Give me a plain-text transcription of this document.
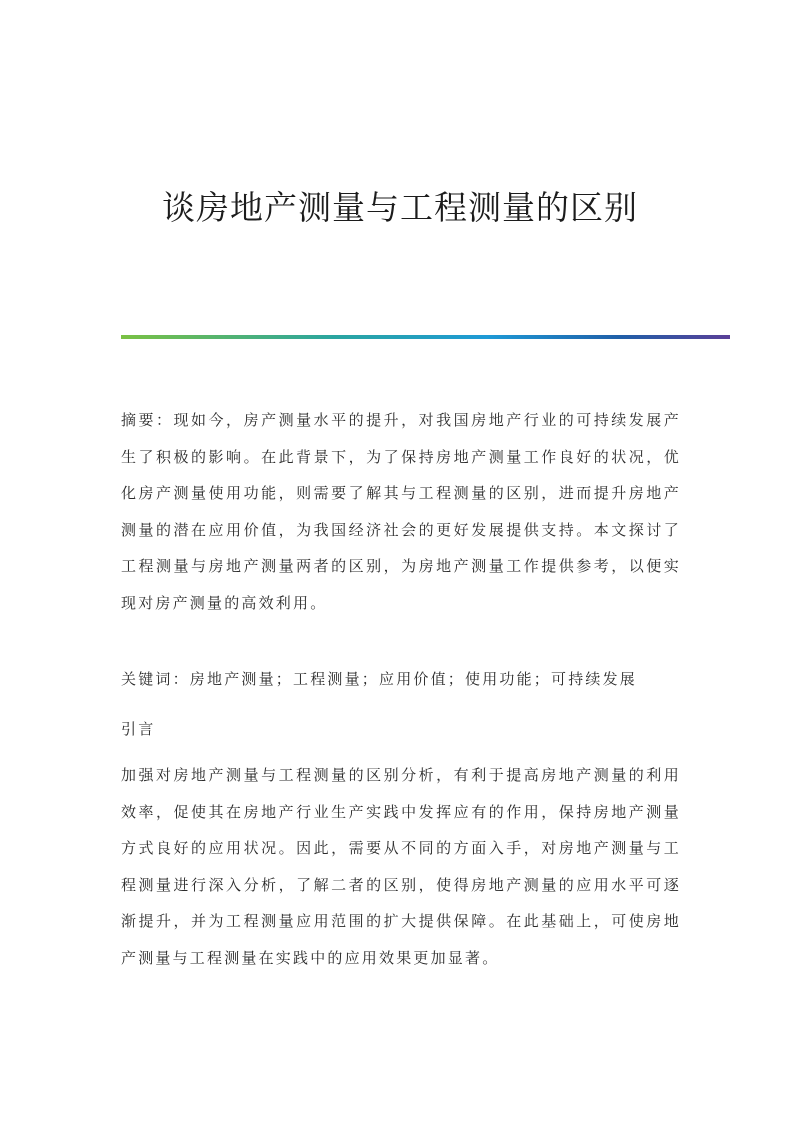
谈房地产测量与工程测量的区别

摘要：现如今，房产测量水平的提升，对我国房地产行业的可持续发展产生了积极的影响。在此背景下，为了保持房地产测量工作良好的状况，优化房产测量使用功能，则需要了解其与工程测量的区别，进而提升房地产测量的潜在应用价值，为我国经济社会的更好发展提供支持。本文探讨了工程测量与房地产测量两者的区别，为房地产测量工作提供参考，以便实现对房产测量的高效利用。

关键词：房地产测量；工程测量；应用价值；使用功能；可持续发展

引言

加强对房地产测量与工程测量的区别分析，有利于提高房地产测量的利用效率，促使其在房地产行业生产实践中发挥应有的作用，保持房地产测量方式良好的应用状况。因此，需要从不同的方面入手，对房地产测量与工程测量进行深入分析，了解二者的区别，使得房地产测量的应用水平可逐渐提升，并为工程测量应用范围的扩大提供保障。在此基础上，可使房地产测量与工程测量在实践中的应用效果更加显著。
